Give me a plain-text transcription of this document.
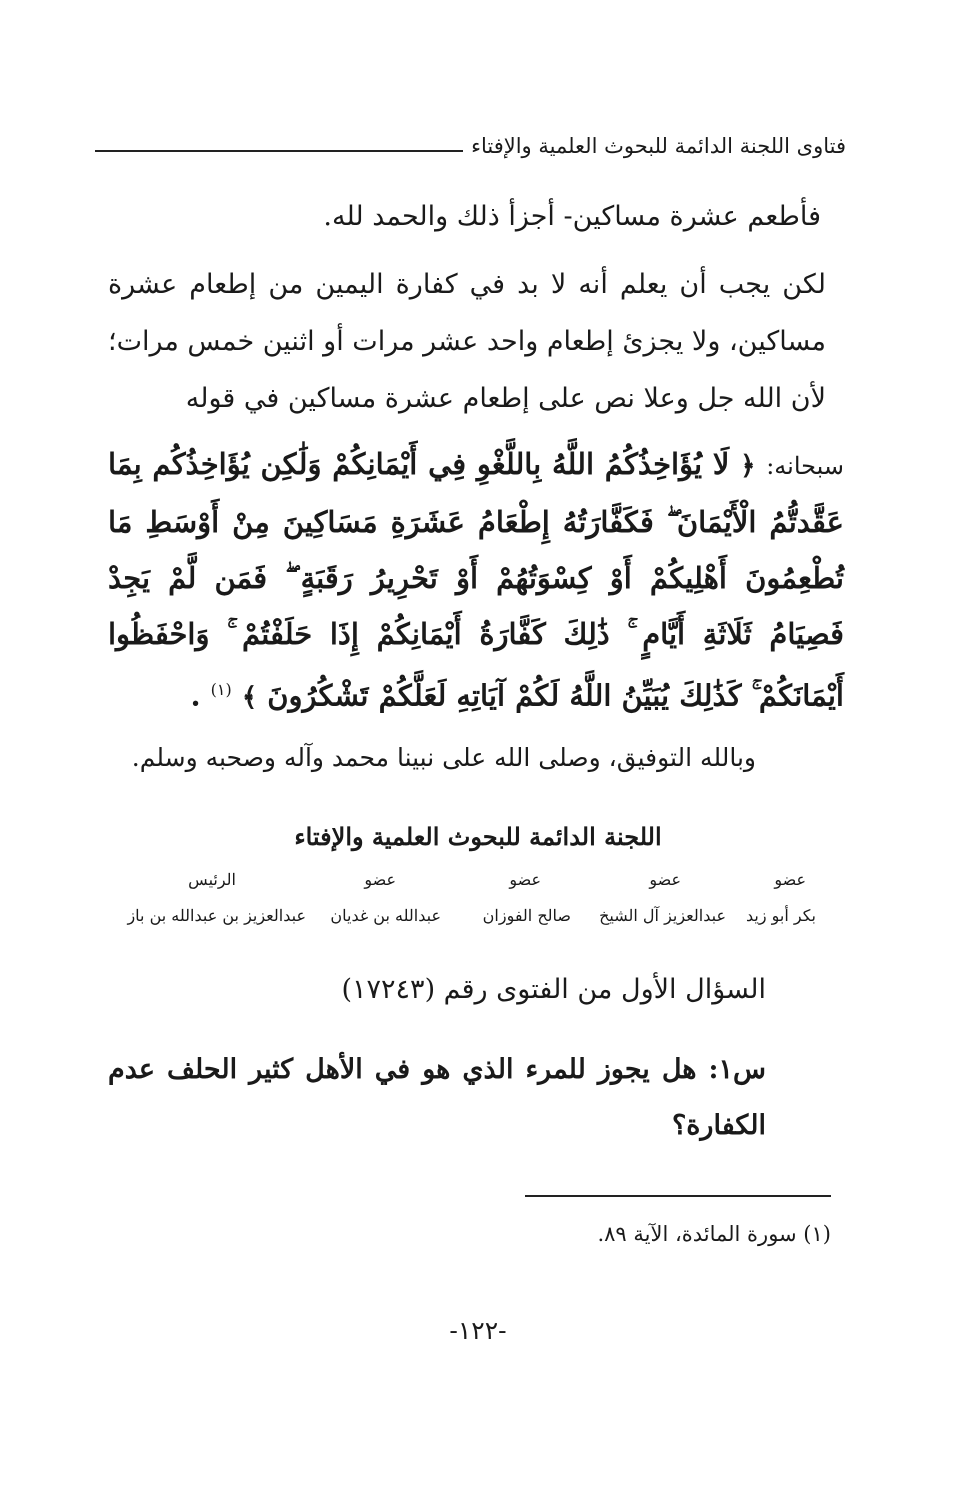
فتاوى اللجنة الدائمة للبحوث العلمية والإفتاء
فأطعم عشرة مساكين- أجزأ ذلك والحمد لله.
لكن يجب أن يعلم أنه لا بد في كفارة اليمين من إطعام عشرة مساكين، ولا يجزئ إطعام واحد عشر مرات أو اثنين خمس مرات؛ لأن الله جل وعلا نص على إطعام عشرة مساكين في قوله
سبحانه: ﴿ لَا يُؤَاخِذُكُمُ اللَّهُ بِاللَّغْوِ فِي أَيْمَانِكُمْ وَلَٰكِن يُؤَاخِذُكُم بِمَا عَقَّدتُّمُ الْأَيْمَانَ ۖ فَكَفَّارَتُهُ إِطْعَامُ عَشَرَةِ مَسَاكِينَ مِنْ أَوْسَطِ مَا تُطْعِمُونَ أَهْلِيكُمْ أَوْ كِسْوَتُهُمْ أَوْ تَحْرِيرُ رَقَبَةٍ ۖ فَمَن لَّمْ يَجِدْ فَصِيَامُ ثَلَاثَةِ أَيَّامٍ ۚ ذَٰلِكَ كَفَّارَةُ أَيْمَانِكُمْ إِذَا حَلَفْتُمْ ۚ وَاحْفَظُوا أَيْمَانَكُمْ ۚ كَذَٰلِكَ يُبَيِّنُ اللَّهُ لَكُمْ آيَاتِهِ لَعَلَّكُمْ تَشْكُرُونَ ﴾ $^{(١)}$ .
وبالله التوفيق، وصلى الله على نبينا محمد وآله وصحبه وسلم.
اللجنة الدائمة للبحوث العلمية والإفتاء
عضو
عضو
عضو
عضو
الرئيس
بكر أبو زيد
عبدالعزيز آل الشيخ
صالح الفوزان
عبدالله بن غديان
عبدالعزيز بن عبدالله بن باز
السؤال الأول من الفتوى رقم (١٧٢٤٣)
س١: هل يجوز للمرء الذي هو في الأهل كثير الحلف عدم الكفارة؟
(١) سورة المائدة، الآية ٨٩.
-١٢٢-
